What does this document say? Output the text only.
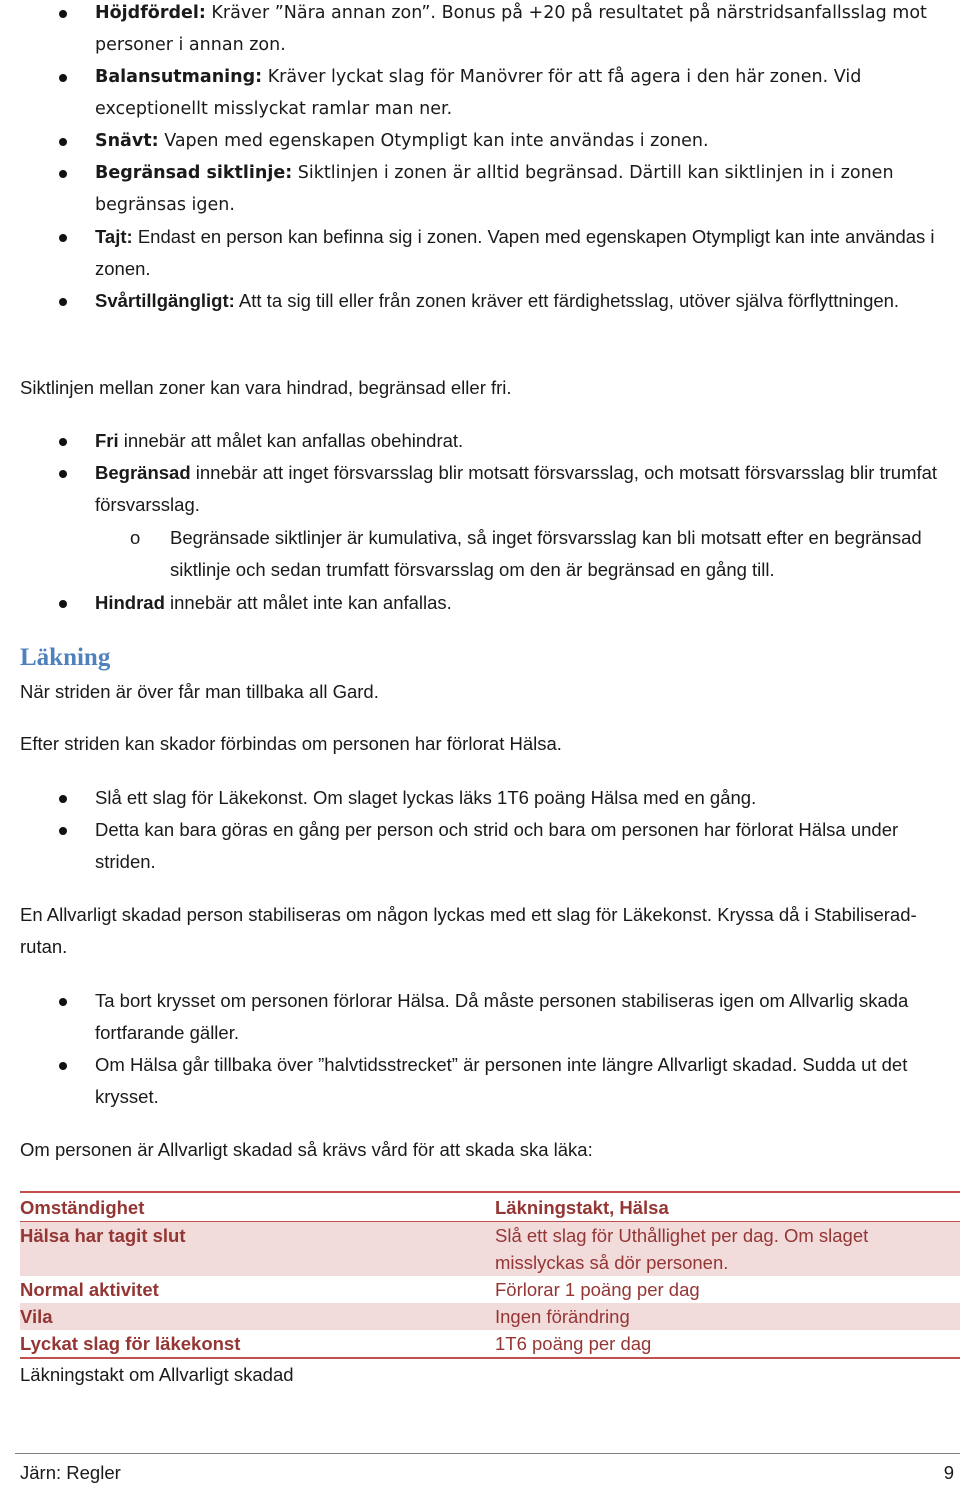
Höjdfördel: Kräver ”Nära annan zon”. Bonus på +20 på resultatet på närstridsanfallsslag mot personer i annan zon.
Balansutmaning: Kräver lyckat slag för Manövrer för att få agera i den här zonen. Vid exceptionellt misslyckat ramlar man ner.
Snävt: Vapen med egenskapen Otympligt kan inte användas i zonen.
Begränsad siktlinje: Siktlinjen i zonen är alltid begränsad. Därtill kan siktlinjen in i zonen begränsas igen.
Tajt: Endast en person kan befinna sig i zonen. Vapen med egenskapen Otympligt kan inte användas i zonen.
Svårtillgängligt: Att ta sig till eller från zonen kräver ett färdighetsslag, utöver själva förflyttningen.

Siktlinjen mellan zoner kan vara hindrad, begränsad eller fri.

Fri innebär att målet kan anfallas obehindrat.
Begränsad innebär att inget försvarsslag blir motsatt försvarsslag, och motsatt försvarsslag blir trumfat försvarsslag.
o Begränsade siktlinjer är kumulativa, så inget försvarsslag kan bli motsatt efter en begränsad siktlinje och sedan trumfatt försvarsslag om den är begränsad en gång till.
Hindrad innebär att målet inte kan anfallas.
Läkning

När striden är över får man tillbaka all Gard.

Efter striden kan skador förbindas om personen har förlorat Hälsa.

Slå ett slag för Läkekonst. Om slaget lyckas läks 1T6 poäng Hälsa med en gång.
Detta kan bara göras en gång per person och strid och bara om personen har förlorat Hälsa under striden.

En Allvarligt skadad person stabiliseras om någon lyckas med ett slag för Läkekonst. Kryssa då i Stabiliserad-rutan.

Ta bort krysset om personen förlorar Hälsa. Då måste personen stabiliseras igen om Allvarlig skada fortfarande gäller.
Om Hälsa går tillbaka över ”halvtidsstrecket” är personen inte längre Allvarligt skadad. Sudda ut det krysset.

Om personen är Allvarligt skadad så krävs vård för att skada ska läka:

Omständighet	Läkningstakt, Hälsa
Hälsa har tagit slut	Slå ett slag för Uthållighet per dag. Om slaget misslyckas så dör personen.
Normal aktivitet	Förlorar 1 poäng per dag
Vila	Ingen förändring
Lyckat slag för läkekonst	1T6 poäng per dag
Läkningstakt om Allvarligt skadad	
Järn: Regler	9
